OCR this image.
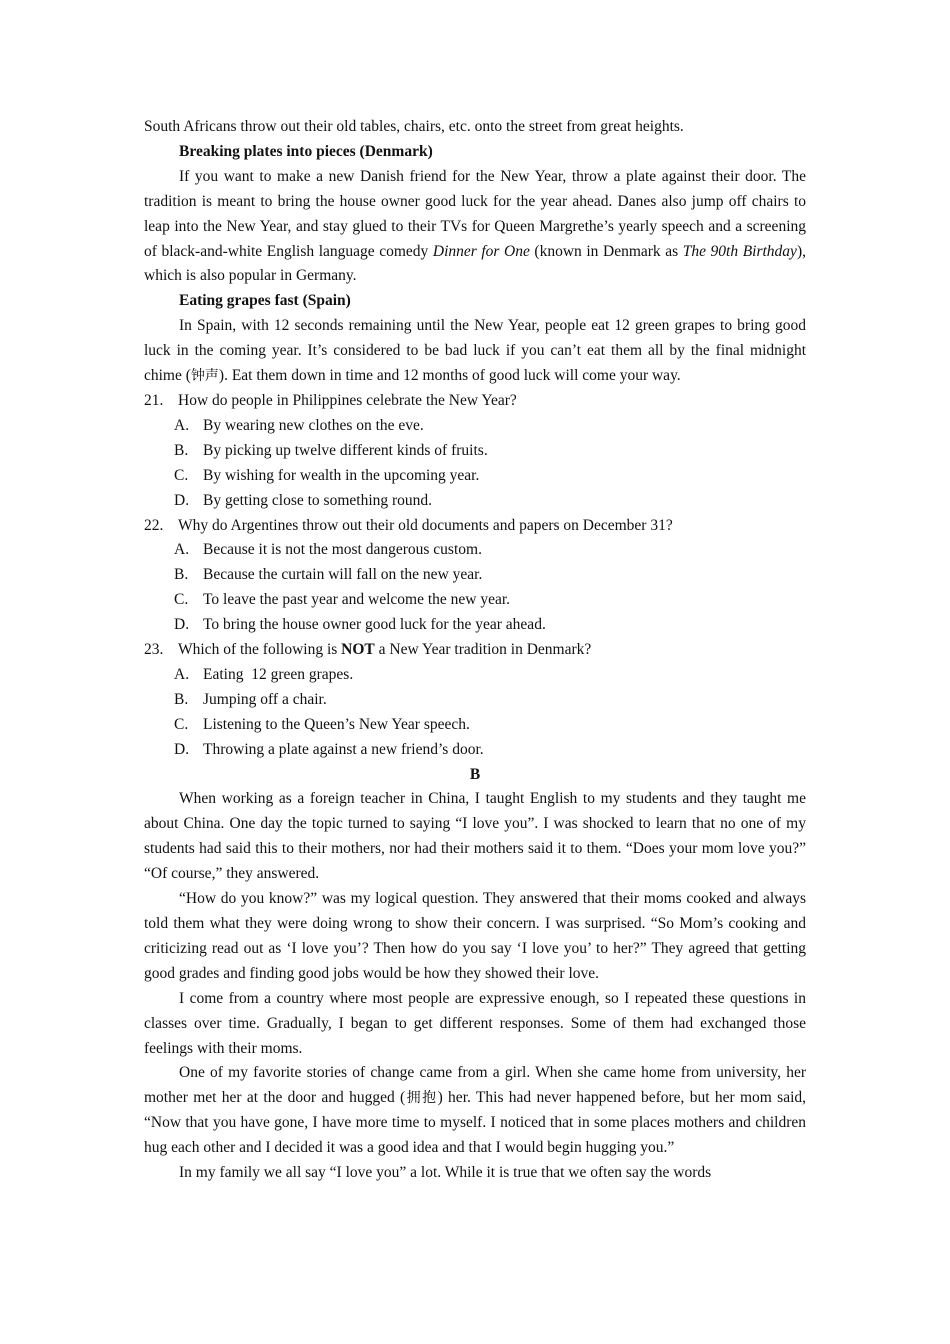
South Africans throw out their old tables, chairs, etc. onto the street from great heights.

Breaking plates into pieces (Denmark)

If you want to make a new Danish friend for the New Year, throw a plate against their door. The tradition is meant to bring the house owner good luck for the year ahead. Danes also jump off chairs to leap into the New Year, and stay glued to their TVs for Queen Margrethe’s yearly speech and a screening of black-and-white English language comedy Dinner for One (known in Denmark as The 90th Birthday), which is also popular in Germany.

Eating grapes fast (Spain)

In Spain, with 12 seconds remaining until the New Year, people eat 12 green grapes to bring good luck in the coming year. It’s considered to be bad luck if you can’t eat them all by the final midnight chime (钟声). Eat them down in time and 12 months of good luck will come your way.

21. How do people in Philippines celebrate the New Year?
A. By wearing new clothes on the eve.
B. By picking up twelve different kinds of fruits.
C. By wishing for wealth in the upcoming year.
D. By getting close to something round.
22. Why do Argentines throw out their old documents and papers on December 31?
A. Because it is not the most dangerous custom.
B. Because the curtain will fall on the new year.
C. To leave the past year and welcome the new year.
D. To bring the house owner good luck for the year ahead.
23. Which of the following is NOT a New Year tradition in Denmark?
A. Eating  12 green grapes.
B. Jumping off a chair.
C. Listening to the Queen’s New Year speech.
D. Throwing a plate against a new friend’s door.

B

When working as a foreign teacher in China, I taught English to my students and they taught me about China. One day the topic turned to saying “I love you”. I was shocked to learn that no one of my students had said this to their mothers, nor had their mothers said it to them. “Does your mom love you?” “Of course,” they answered.

“How do you know?” was my logical question. They answered that their moms cooked and always told them what they were doing wrong to show their concern. I was surprised. “So Mom’s cooking and criticizing read out as ‘I love you’? Then how do you say ‘I love you’ to her?” They agreed that getting good grades and finding good jobs would be how they showed their love.

I come from a country where most people are expressive enough, so I repeated these questions in classes over time. Gradually, I began to get different responses. Some of them had exchanged those feelings with their moms.

One of my favorite stories of change came from a girl. When she came home from university, her mother met her at the door and hugged (拥抱) her. This had never happened before, but her mom said, “Now that you have gone, I have more time to myself. I noticed that in some places mothers and children hug each other and I decided it was a good idea and that I would begin hugging you.”

In my family we all say “I love you” a lot. While it is true that we often say the words
